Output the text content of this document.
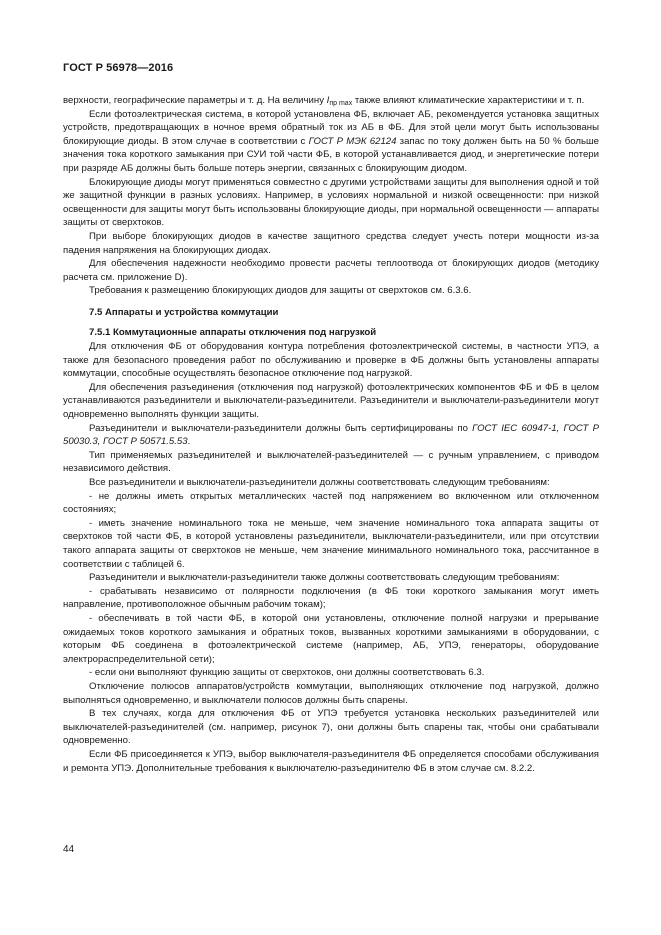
ГОСТ Р 56978—2016

верхности, географические параметры и т. д. На величину $I_{пр max}$ также влияют климатические характеристики и т. п.

Если фотоэлектрическая система, в которой установлена ФБ, включает АБ, рекомендуется установка защитных устройств, предотвращающих в ночное время обратный ток из АБ в ФБ. Для этой цели могут быть использованы блокирующие диоды. В этом случае в соответствии с ГОСТ Р МЭК 62124 запас по току должен быть на 50 % больше значения тока короткого замыкания при СУИ той части ФБ, в которой устанавливается диод, и энергетические потери при разряде АБ должны быть больше потерь энергии, связанных с блокирующим диодом.

Блокирующие диоды могут применяться совместно с другими устройствами защиты для выполнения одной и той же защитной функции в разных условиях. Например, в условиях нормальной и низкой освещенности: при низкой освещенности для защиты могут быть использованы блокирующие диоды, при нормальной освещенности — аппараты защиты от сверхтоков.

При выборе блокирующих диодов в качестве защитного средства следует учесть потери мощности из-за падения напряжения на блокирующих диодах.

Для обеспечения надежности необходимо провести расчеты теплоотвода от блокирующих диодов (методику расчета см. приложение D).

Требования к размещению блокирующих диодов для защиты от сверхтоков см. 6.3.6.

7.5 Аппараты и устройства коммутации

7.5.1 Коммутационные аппараты отключения под нагрузкой

Для отключения ФБ от оборудования контура потребления фотоэлектрической системы, в частности УПЭ, а также для безопасного проведения работ по обслуживанию и проверке в ФБ должны быть установлены аппараты коммутации, способные осуществлять безопасное отключение под нагрузкой.

Для обеспечения разъединения (отключения под нагрузкой) фотоэлектрических компонентов ФБ и ФБ в целом устанавливаются разъединители и выключатели-разъединители. Разъединители и выключатели-разъединители могут одновременно выполнять функции защиты.

Разъединители и выключатели-разъединители должны быть сертифицированы по ГОСТ IEC 60947-1, ГОСТ Р 50030.3, ГОСТ Р 50571.5.53.

Тип применяемых разъединителей и выключателей-разъединителей — с ручным управлением, с приводом независимого действия.

Все разъединители и выключатели-разъединители должны соответствовать следующим требованиям:

- не должны иметь открытых металлических частей под напряжением во включенном или отключенном состояниях;

- иметь значение номинального тока не меньше, чем значение номинального тока аппарата защиты от сверхтоков той части ФБ, в которой установлены разъединители, выключатели-разъединители, или при отсутствии такого аппарата защиты от сверхтоков не меньше, чем значение минимального номинального тока, рассчитанное в соответствии с таблицей 6.

Разъединители и выключатели-разъединители также должны соответствовать следующим требованиям:

- срабатывать независимо от полярности подключения (в ФБ токи короткого замыкания могут иметь направление, противоположное обычным рабочим токам);

- обеспечивать в той части ФБ, в которой они установлены, отключение полной нагрузки и прерывание ожидаемых токов короткого замыкания и обратных токов, вызванных короткими замыканиями в оборудовании, с которым ФБ соединена в фотоэлектрической системе (например, АБ, УПЭ, генераторы, оборудование электрораспределительной сети);

- если они выполняют функцию защиты от сверхтоков, они должны соответствовать 6.3.

Отключение полюсов аппаратов/устройств коммутации, выполняющих отключение под нагрузкой, должно выполняться одновременно, и выключатели полюсов должны быть спарены.

В тех случаях, когда для отключения ФБ от УПЭ требуется установка нескольких разъединителей или выключателей-разъединителей (см. например, рисунок 7), они должны быть спарены так, чтобы они срабатывали одновременно.

Если ФБ присоединяется к УПЭ, выбор выключателя-разъединителя ФБ определяется способами обслуживания и ремонта УПЭ. Дополнительные требования к выключателю-разъединителю ФБ в этом случае см. 8.2.2.

44
